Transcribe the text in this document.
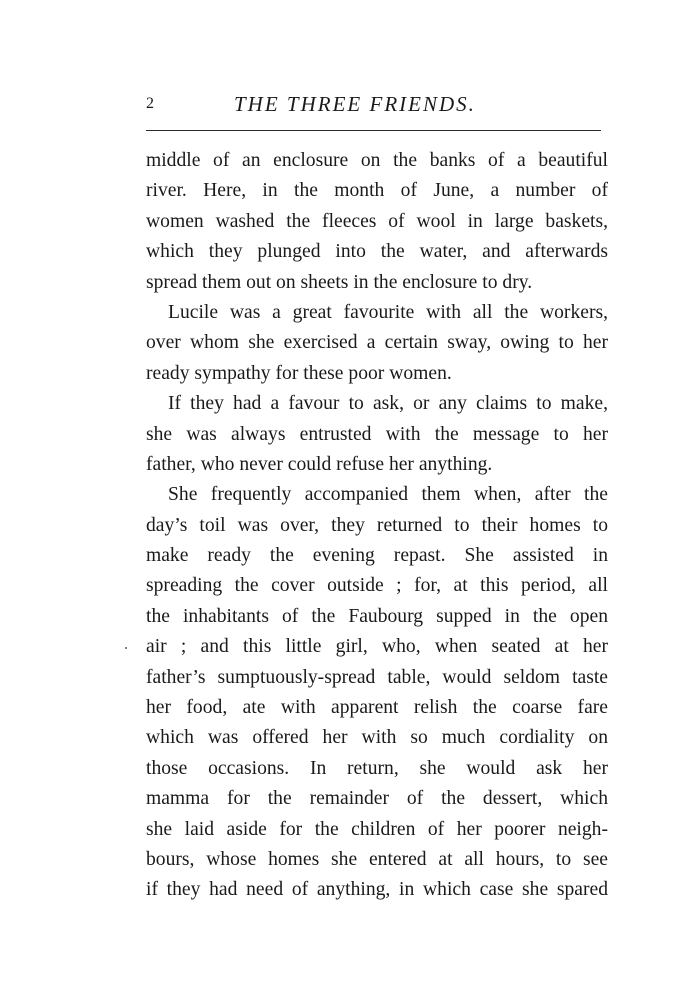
2	THE THREE FRIENDS.
middle of an enclosure on the banks of a beautiful
river. Here, in the month of June, a number of
women washed the fleeces of wool in large baskets,
which they plunged into the water, and afterwards
spread them out on sheets in the enclosure to dry.
Lucile was a great favourite with all the workers,
over whom she exercised a certain sway, owing to her
ready sympathy for these poor women.
If they had a favour to ask, or any claims to make,
she was always entrusted with the message to her
father, who never could refuse her anything.
She frequently accompanied them when, after the
day’s toil was over, they returned to their homes to
make ready the evening repast. She assisted in
spreading the cover outside ; for, at this period, all
the inhabitants of the Faubourg supped in the open
air ; and this little girl, who, when seated at her
father’s sumptuously-spread table, would seldom taste
her food, ate with apparent relish the coarse fare
which was offered her with so much cordiality on
those occasions. In return, she would ask her
mamma for the remainder of the dessert, which
she laid aside for the children of her poorer neigh-
bours, whose homes she entered at all hours, to see
if they had need of anything, in which case she spared
